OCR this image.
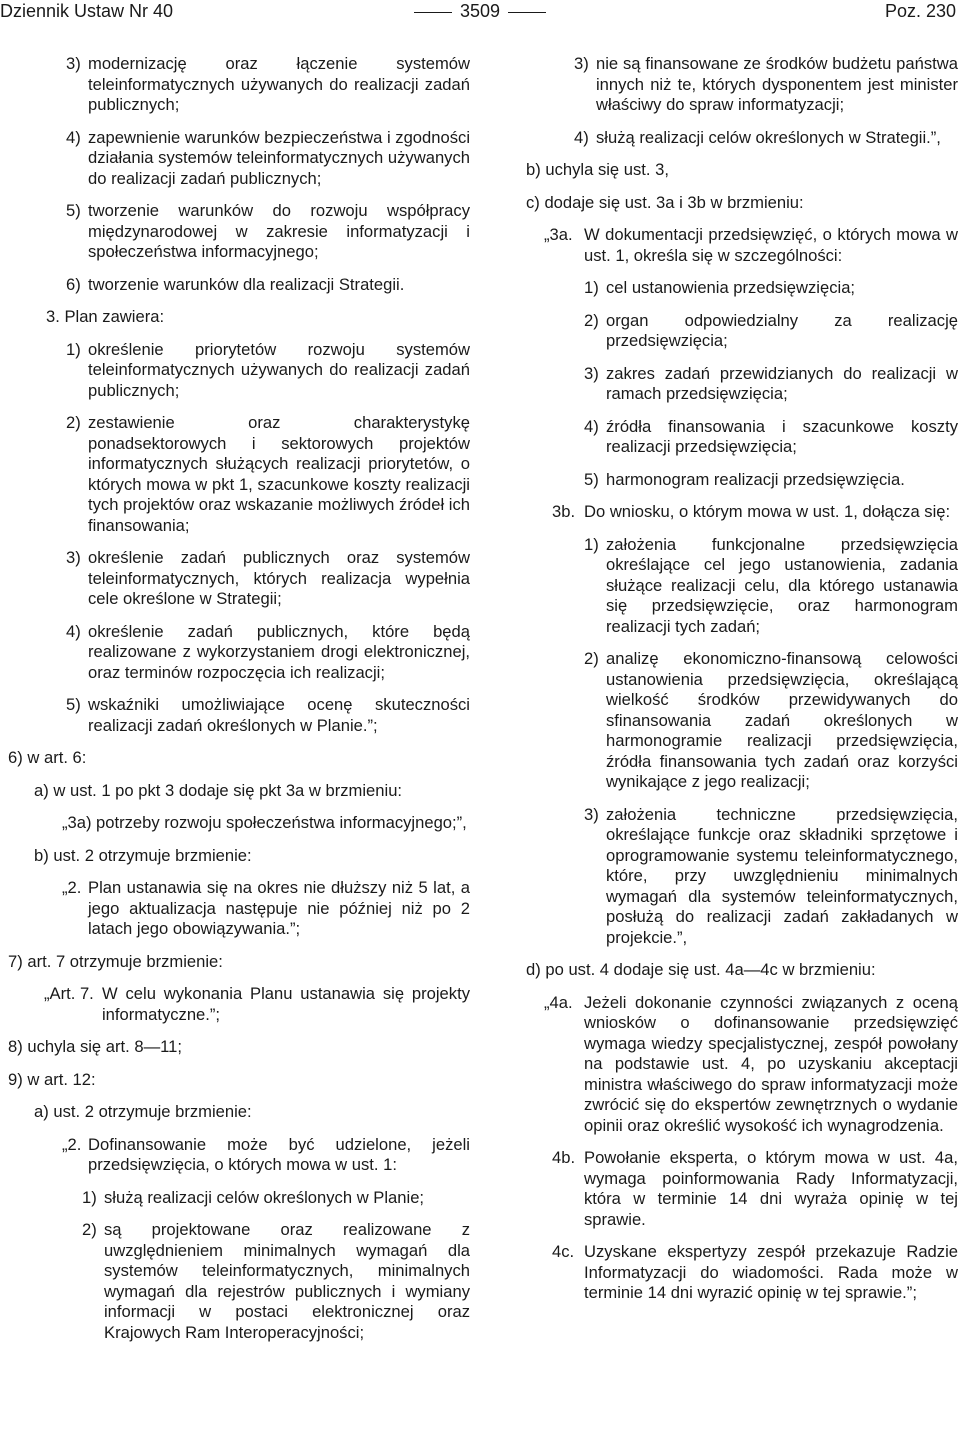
Dziennik Ustaw Nr 40	3509	Poz. 230
3) modernizację oraz łączenie systemów teleinformatycznych używanych do realizacji zadań publicznych;
4) zapewnienie warunków bezpieczeństwa i zgodności działania systemów teleinformatycznych używanych do realizacji zadań publicznych;
5) tworzenie warunków do rozwoju współpracy międzynarodowej w zakresie informatyzacji i społeczeństwa informacyjnego;
6) tworzenie warunków dla realizacji Strategii.
3. Plan zawiera:
1) określenie priorytetów rozwoju systemów teleinformatycznych używanych do realizacji zadań publicznych;
2) zestawienie oraz charakterystykę ponadsektorowych i sektorowych projektów informatycznych służących realizacji priorytetów, o których mowa w pkt 1, szacunkowe koszty realizacji tych projektów oraz wskazanie możliwych źródeł ich finansowania;
3) określenie zadań publicznych oraz systemów teleinformatycznych, których realizacja wypełnia cele określone w Strategii;
4) określenie zadań publicznych, które będą realizowane z wykorzystaniem drogi elektronicznej, oraz terminów rozpoczęcia ich realizacji;
5) wskaźniki umożliwiające ocenę skuteczności realizacji zadań określonych w Planie.”;
6) w art. 6:
a) w ust. 1 po pkt 3 dodaje się pkt 3a w brzmieniu:
„3a) potrzeby rozwoju społeczeństwa informacyjnego;”,
b) ust. 2 otrzymuje brzmienie:
„2. Plan ustanawia się na okres nie dłuższy niż 5 lat, a jego aktualizacja następuje nie później niż po 2 latach jego obowiązywania.”;
7) art. 7 otrzymuje brzmienie:
„Art. 7. W celu wykonania Planu ustanawia się projekty informatyczne.”;
8) uchyla się art. 8—11;
9) w art. 12:
a) ust. 2 otrzymuje brzmienie:
„2. Dofinansowanie może być udzielone, jeżeli przedsięwzięcia, o których mowa w ust. 1:
1) służą realizacji celów określonych w Planie;
2) są projektowane oraz realizowane z uwzględnieniem minimalnych wymagań dla systemów teleinformatycznych, minimalnych wymagań dla rejestrów publicznych i wymiany informacji w postaci elektronicznej oraz Krajowych Ram Interoperacyjności;
3) nie są finansowane ze środków budżetu państwa innych niż te, których dysponentem jest minister właściwy do spraw informatyzacji;
4) służą realizacji celów określonych w Strategii.”,
b) uchyla się ust. 3,
c) dodaje się ust. 3a i 3b w brzmieniu:
„3a. W dokumentacji przedsięwzięć, o których mowa w ust. 1, określa się w szczególności:
1) cel ustanowienia przedsięwzięcia;
2) organ odpowiedzialny za realizację przedsięwzięcia;
3) zakres zadań przewidzianych do realizacji w ramach przedsięwzięcia;
4) źródła finansowania i szacunkowe koszty realizacji przedsięwzięcia;
5) harmonogram realizacji przedsięwzięcia.
3b. Do wniosku, o którym mowa w ust. 1, dołącza się:
1) założenia funkcjonalne przedsięwzięcia określające cel jego ustanowienia, zadania służące realizacji celu, dla którego ustanawia się przedsięwzięcie, oraz harmonogram realizacji tych zadań;
2) analizę ekonomiczno-finansową celowości ustanowienia przedsięwzięcia, określającą wielkość środków przewidywanych do sfinansowania zadań określonych w harmonogramie realizacji przedsięwzięcia, źródła finansowania tych zadań oraz korzyści wynikające z jego realizacji;
3) założenia techniczne przedsięwzięcia, określające funkcje oraz składniki sprzętowe i oprogramowanie systemu teleinformatycznego, które, przy uwzględnieniu minimalnych wymagań dla systemów teleinformatycznych, posłużą do realizacji zadań zakładanych w projekcie.”,
d) po ust. 4 dodaje się ust. 4a—4c w brzmieniu:
„4a. Jeżeli dokonanie czynności związanych z oceną wniosków o dofinansowanie przedsięwzięć wymaga wiedzy specjalistycznej, zespół powołany na podstawie ust. 4, po uzyskaniu akceptacji ministra właściwego do spraw informatyzacji może zwrócić się do ekspertów zewnętrznych o wydanie opinii oraz określić wysokość ich wynagrodzenia.
4b. Powołanie eksperta, o którym mowa w ust. 4a, wymaga poinformowania Rady Informatyzacji, która w terminie 14 dni wyraża opinię w tej sprawie.
4c. Uzyskane ekspertyzy zespół przekazuje Radzie Informatyzacji do wiadomości. Rada może w terminie 14 dni wyrazić opinię w tej sprawie.”;
